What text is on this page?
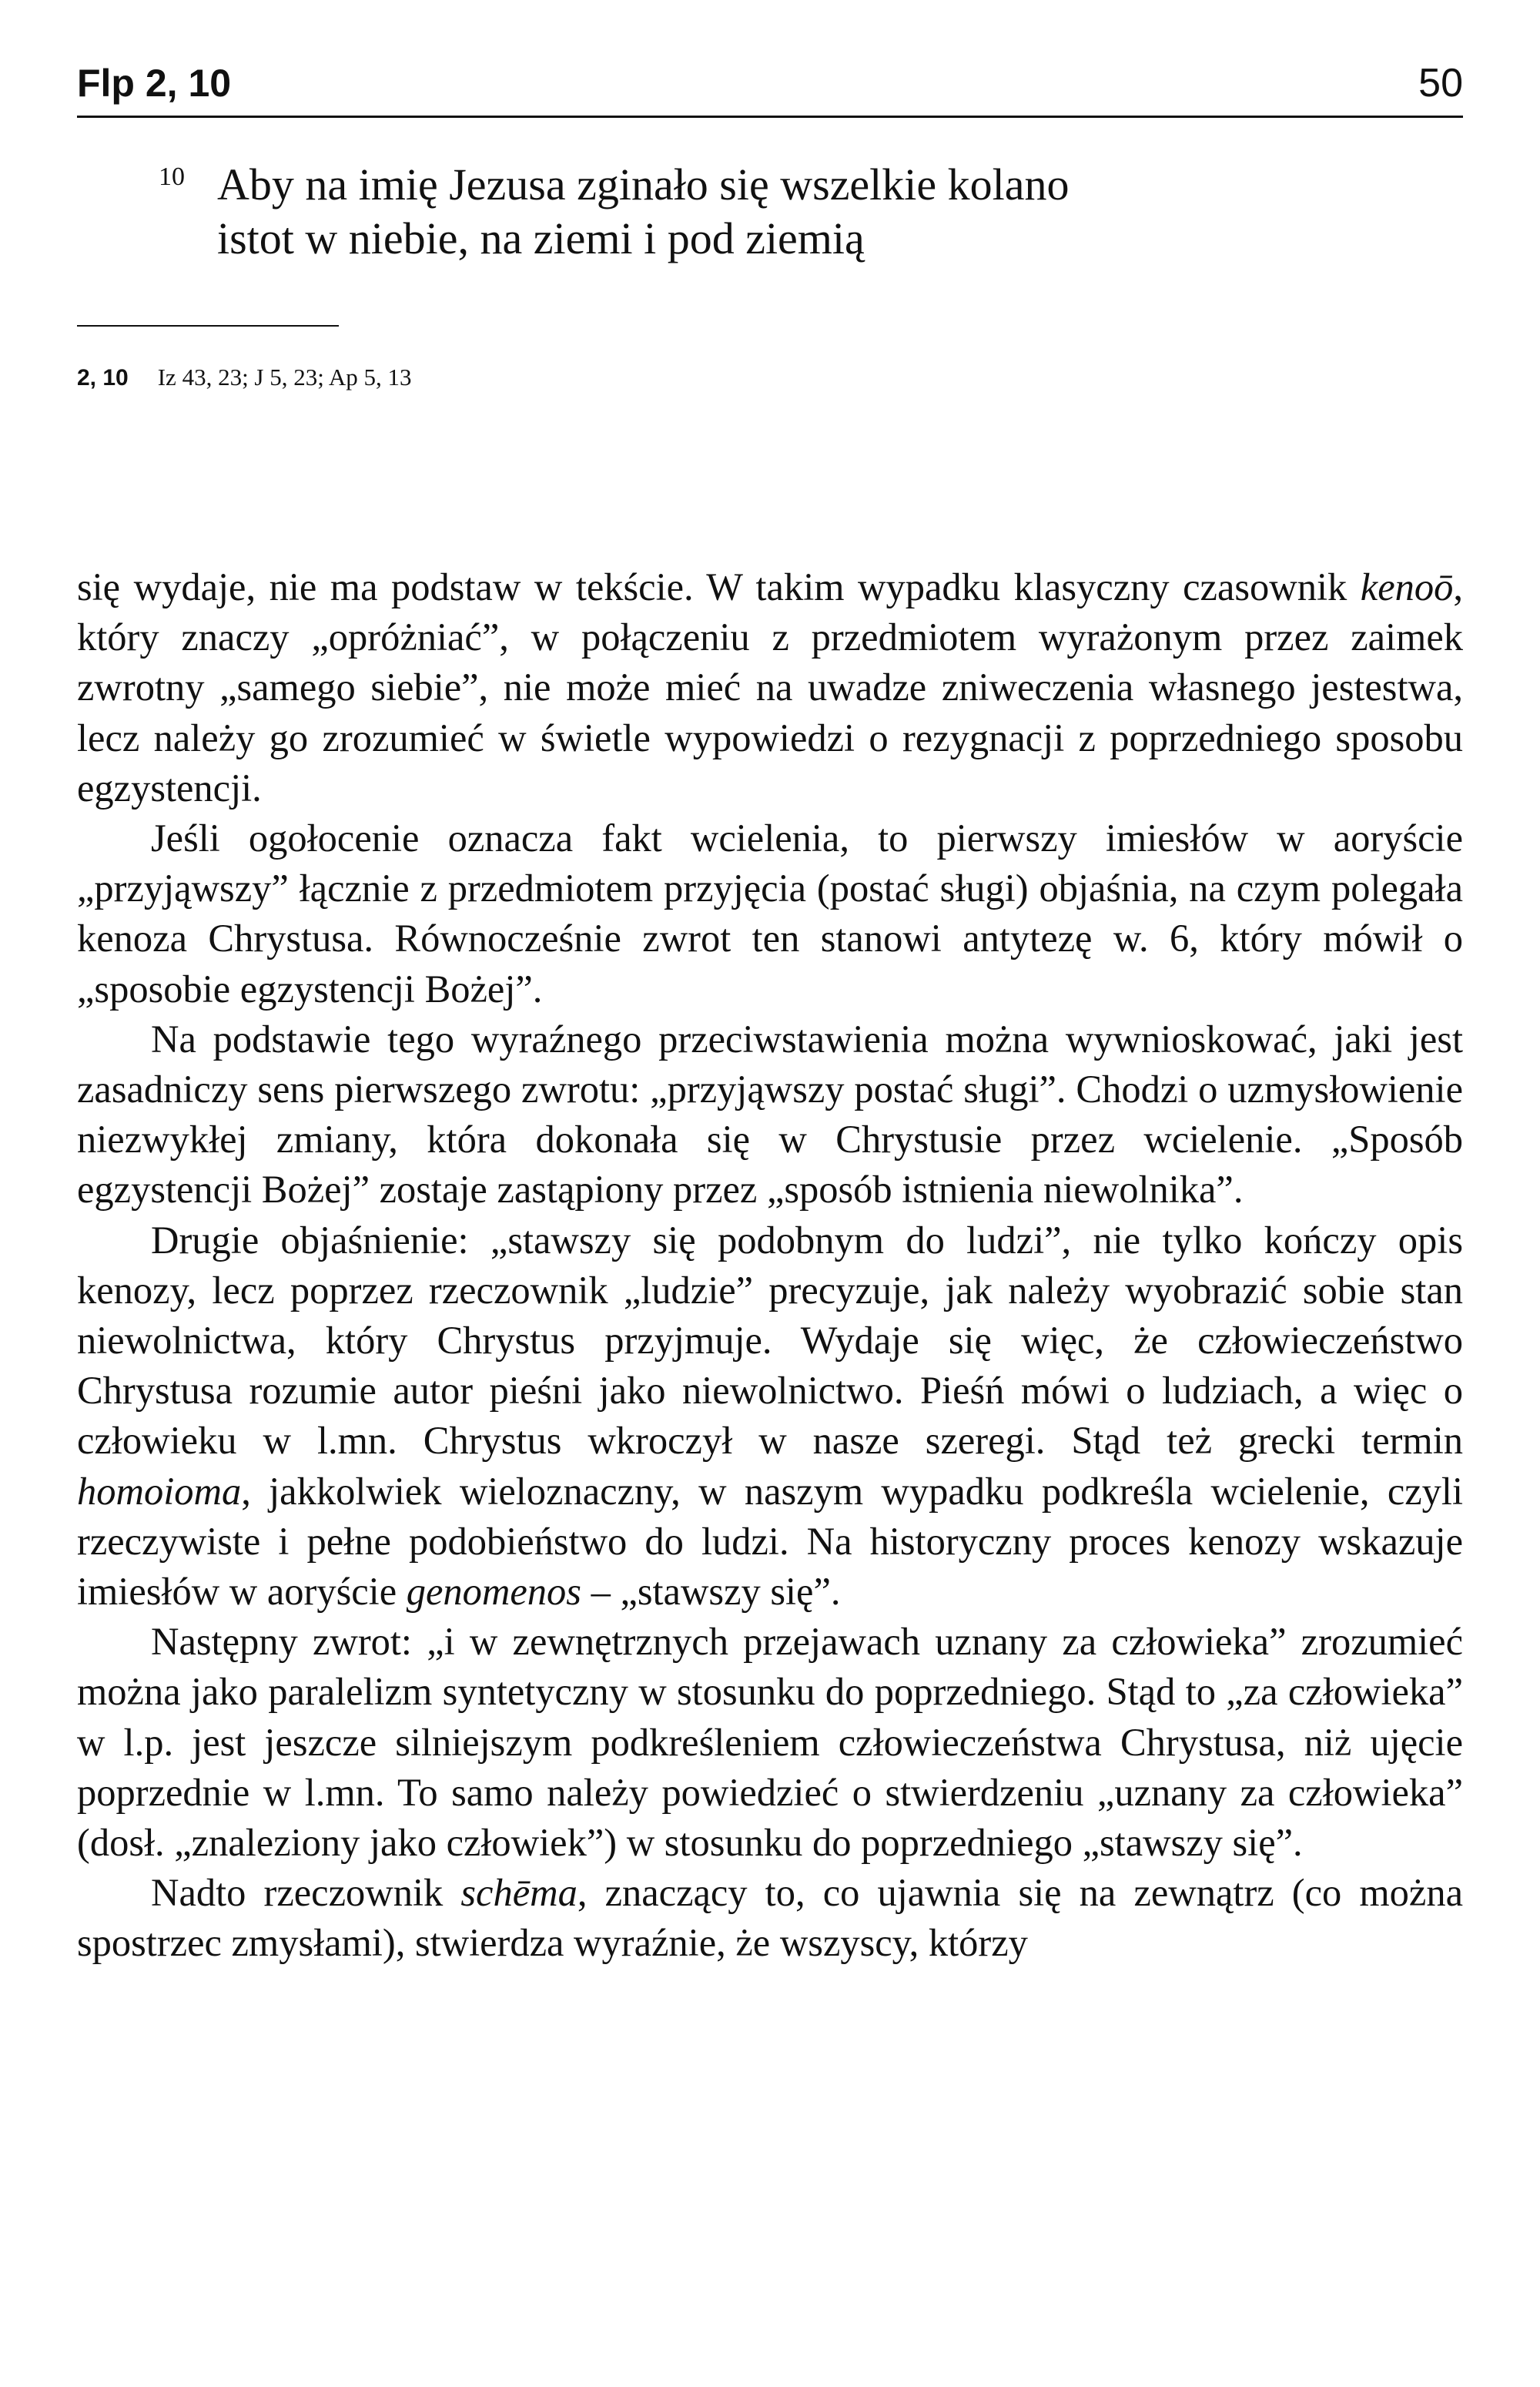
Flp 2, 10	50
10 Aby na imię Jezusa zginało się wszelkie kolano
istot w niebie, na ziemi i pod ziemią
2, 10 Iz 43, 23; J 5, 23; Ap 5, 13

się wydaje, nie ma podstaw w tekście. W takim wypadku klasyczny czasownik kenoō, który znaczy „opróżniać”, w połączeniu z przedmiotem wyrażonym przez zaimek zwrotny „samego siebie”, nie może mieć na uwadze zniweczenia własnego jestestwa, lecz należy go zrozumieć w świetle wypowiedzi o rezygnacji z poprzedniego sposobu egzystencji.

Jeśli ogołocenie oznacza fakt wcielenia, to pierwszy imiesłów w aoryście „przyjąwszy” łącznie z przedmiotem przyjęcia (postać sługi) objaśnia, na czym polegała kenoza Chrystusa. Równocześnie zwrot ten stanowi antytezę w. 6, który mówił o „sposobie egzystencji Bożej”.

Na podstawie tego wyraźnego przeciwstawienia można wywnioskować, jaki jest zasadniczy sens pierwszego zwrotu: „przyjąwszy postać sługi”. Chodzi o uzmysłowienie niezwykłej zmiany, która dokonała się w Chrystusie przez wcielenie. „Sposób egzystencji Bożej” zostaje zastąpiony przez „sposób istnienia niewolnika”.

Drugie objaśnienie: „stawszy się podobnym do ludzi”, nie tylko kończy opis kenozy, lecz poprzez rzeczownik „ludzie” precyzuje, jak należy wyobrazić sobie stan niewolnictwa, który Chrystus przyjmuje. Wydaje się więc, że człowieczeństwo Chrystusa rozumie autor pieśni jako niewolnictwo. Pieśń mówi o ludziach, a więc o człowieku w l.mn. Chrystus wkroczył w nasze szeregi. Stąd też grecki termin homoioma, jakkolwiek wieloznaczny, w naszym wypadku podkreśla wcielenie, czyli rzeczywiste i pełne podobieństwo do ludzi. Na historyczny proces kenozy wskazuje imiesłów w aoryście genomenos – „stawszy się”.

Następny zwrot: „i w zewnętrznych przejawach uznany za człowieka” zrozumieć można jako paralelizm syntetyczny w stosunku do poprzedniego. Stąd to „za człowieka” w l.p. jest jeszcze silniejszym podkreśleniem człowieczeństwa Chrystusa, niż ujęcie poprzednie w l.mn. To samo należy powiedzieć o stwierdzeniu „uznany za człowieka” (dosł. „znaleziony jako człowiek”) w stosunku do poprzedniego „stawszy się”.

Nadto rzeczownik schēma, znaczący to, co ujawnia się na zewnątrz (co można spostrzec zmysłami), stwierdza wyraźnie, że wszyscy, którzy
